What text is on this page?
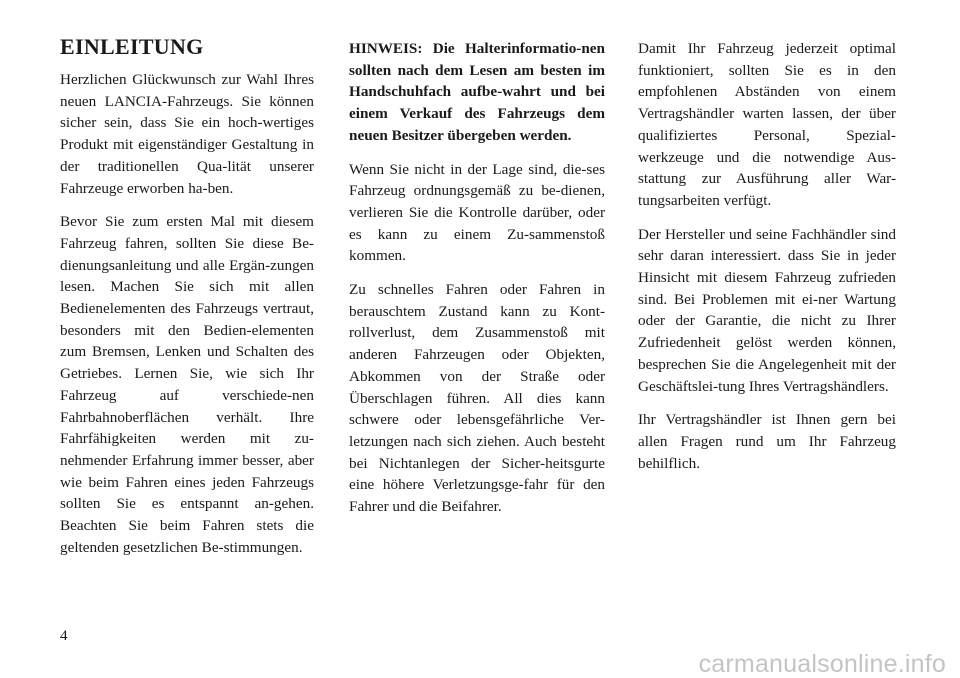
EINLEITUNG

Herzlichen Glückwunsch zur Wahl Ihres neuen LANCIA-Fahrzeugs. Sie können sicher sein, dass Sie ein hoch-wertiges Produkt mit eigenständiger Gestaltung in der traditionellen Qua-lität unserer Fahrzeuge erworben ha-ben.

Bevor Sie zum ersten Mal mit diesem Fahrzeug fahren, sollten Sie diese Be-dienungsanleitung und alle Ergän-zungen lesen. Machen Sie sich mit allen Bedienelementen des Fahrzeugs vertraut, besonders mit den Bedien-elementen zum Bremsen, Lenken und Schalten des Getriebes. Lernen Sie, wie sich Ihr Fahrzeug auf verschiede-nen Fahrbahnoberflächen verhält. Ihre Fahrfähigkeiten werden mit zu-nehmender Erfahrung immer besser, aber wie beim Fahren eines jeden Fahrzeugs sollten Sie es entspannt an-gehen. Beachten Sie beim Fahren stets die geltenden gesetzlichen Be-stimmungen.

HINWEIS: Die Halterinformatio-nen sollten nach dem Lesen am besten im Handschuhfach aufbe-wahrt und bei einem Verkauf des Fahrzeugs dem neuen Besitzer übergeben werden.

Wenn Sie nicht in der Lage sind, die-ses Fahrzeug ordnungsgemäß zu be-dienen, verlieren Sie die Kontrolle darüber, oder es kann zu einem Zu-sammenstoß kommen.

Zu schnelles Fahren oder Fahren in berauschtem Zustand kann zu Kont-rollverlust, dem Zusammenstoß mit anderen Fahrzeugen oder Objekten, Abkommen von der Straße oder Überschlagen führen. All dies kann schwere oder lebensgefährliche Ver-letzungen nach sich ziehen. Auch besteht bei Nichtanlegen der Sicher-heitsgurte eine höhere Verletzungsge-fahr für den Fahrer und die Beifahrer.

Damit Ihr Fahrzeug jederzeit optimal funktioniert, sollten Sie es in den empfohlenen Abständen von einem Vertragshändler warten lassen, der über qualifiziertes Personal, Spezial-werkzeuge und die notwendige Aus-stattung zur Ausführung aller War-tungsarbeiten verfügt.

Der Hersteller und seine Fachhändler sind sehr daran interessiert. dass Sie in jeder Hinsicht mit diesem Fahrzeug zufrieden sind. Bei Problemen mit ei-ner Wartung oder der Garantie, die nicht zu Ihrer Zufriedenheit gelöst werden können, besprechen Sie die Angelegenheit mit der Geschäftslei-tung Ihres Vertragshändlers.

Ihr Vertragshändler ist Ihnen gern bei allen Fragen rund um Ihr Fahrzeug behilflich.

4
carmanualsonline.info
